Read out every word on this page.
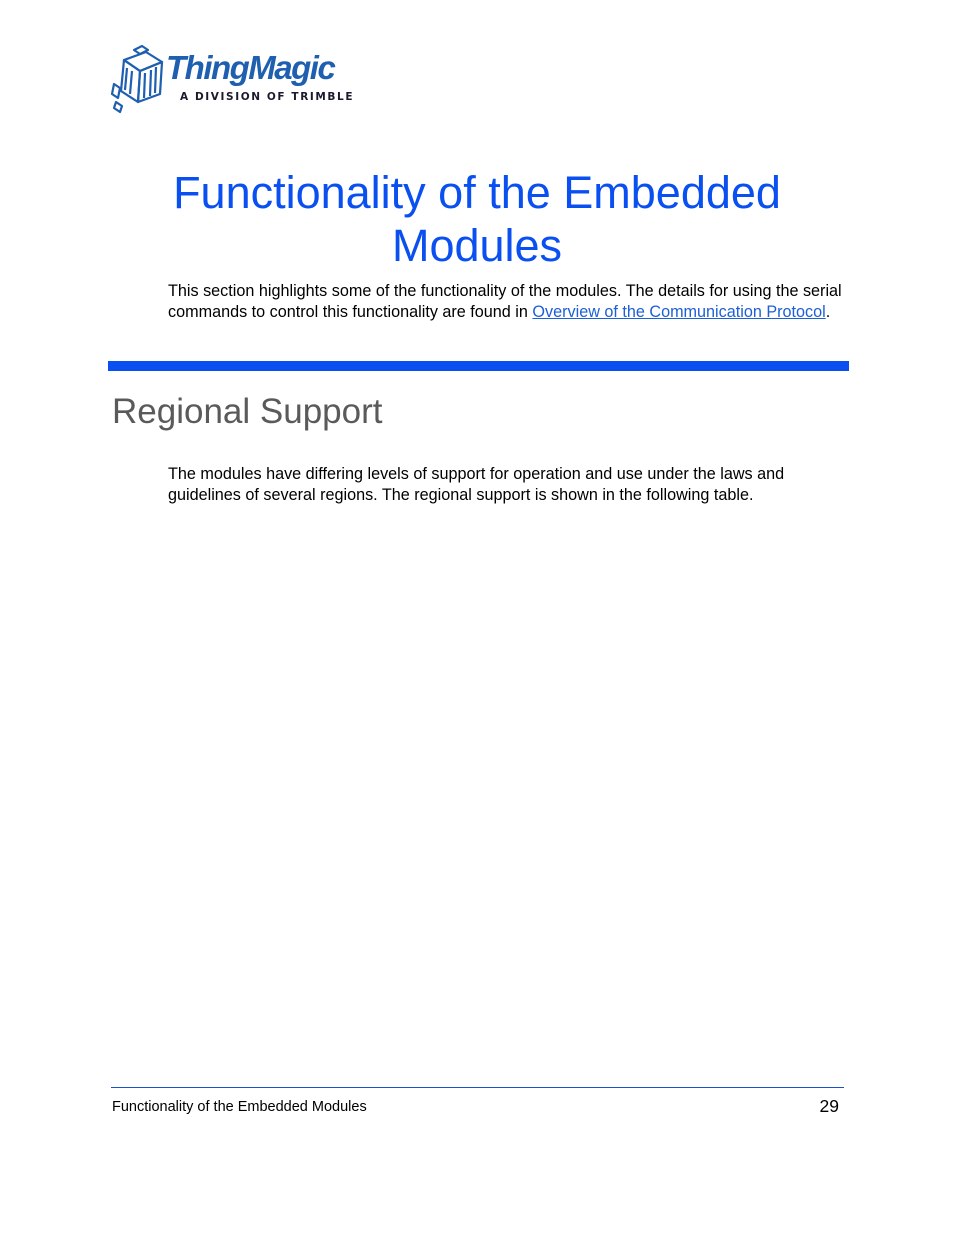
ThingMagic
A DIVISION OF TRIMBLE
Functionality of the Embedded Modules

This section highlights some of the functionality of the modules. The details for using the serial commands to control this functionality are found in Overview of the Communication Protocol.

Regional Support

The modules have differing levels of support for operation and use under the laws and guidelines of several regions. The regional support is shown in the following table.

Functionality of the Embedded Modules	29
